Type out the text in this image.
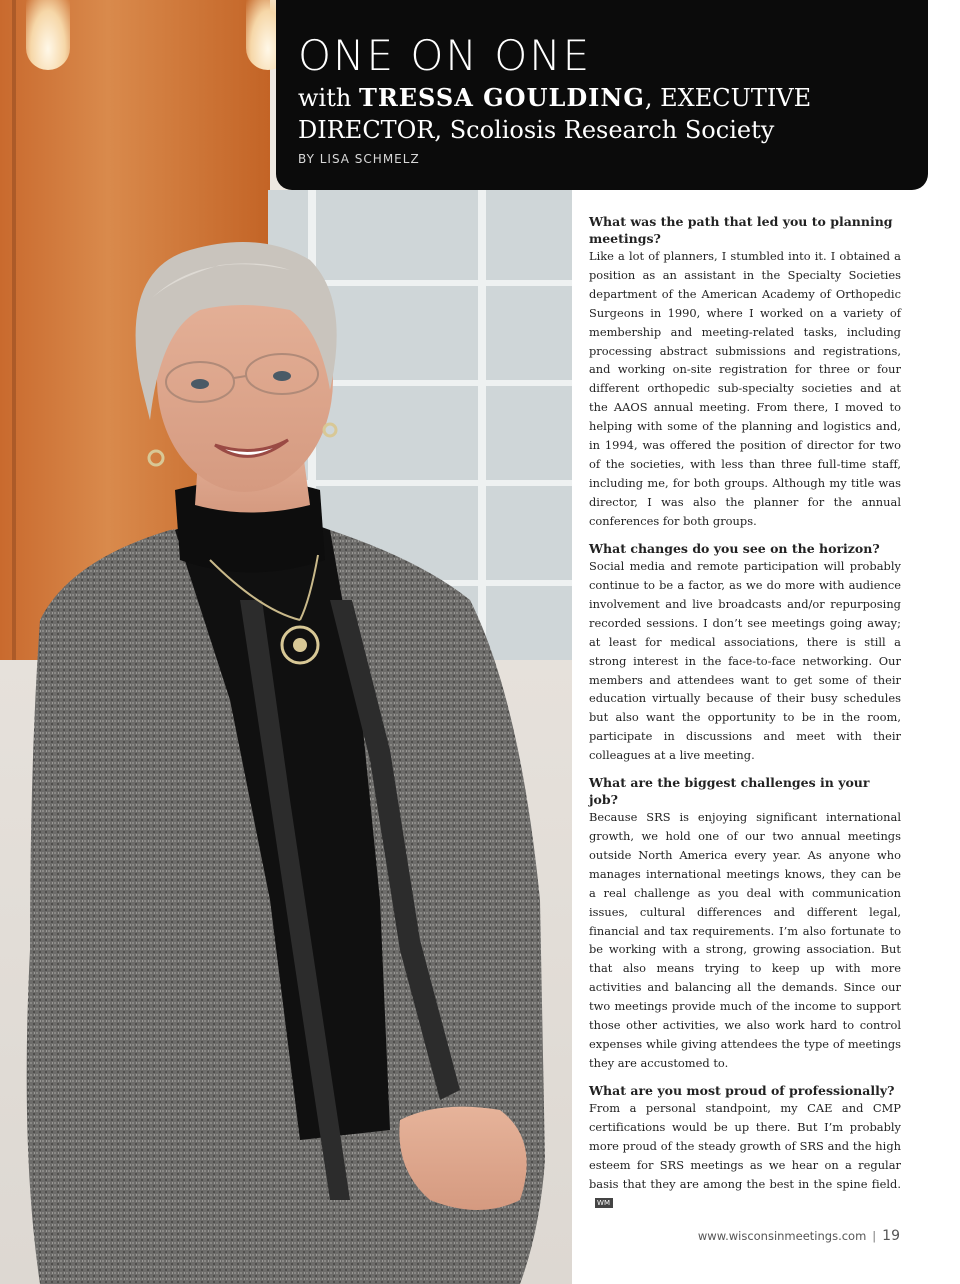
ONE ON ONE

with TRESSA GOULDING, EXECUTIVE

DIRECTOR, Scoliosis Research Society

BY LISA SCHMELZ

What was the path that led you to planning meetings?

Like a lot of planners, I stumbled into it. I obtained a position as an assistant in the Specialty Societies department of the American Academy of Orthopedic Surgeons in 1990, where I worked on a variety of membership and meeting-related tasks, including processing abstract submissions and registrations, and working on-site registration for three or four different orthopedic sub-specialty societies and at the AAOS annual meeting. From there, I moved to helping with some of the planning and logistics and, in 1994, was offered the position of director for two of the societies, with less than three full-time staff, including me, for both groups. Although my title was director, I was also the planner for the annual conferences for both groups.

What changes do you see on the horizon?

Social media and remote participation will probably continue to be a factor, as we do more with audience involvement and live broadcasts and/or repurposing recorded sessions. I don’t see meetings going away; at least for medical associations, there is still a strong interest in the face-to-face networking. Our members and attendees want to get some of their education virtually because of their busy schedules but also want the opportunity to be in the room, participate in discussions and meet with their colleagues at a live meeting.

What are the biggest challenges in your job?

Because SRS is enjoying significant international growth, we hold one of our two annual meetings outside North America every year. As anyone who manages international meetings knows, they can be a real challenge as you deal with communication issues, cultural differences and different legal, financial and tax requirements. I’m also fortunate to be working with a strong, growing association. But that also means trying to keep up with more activities and balancing all the demands. Since our two meetings provide much of the income to support those other activities, we also work hard to control expenses while giving attendees the type of meetings they are accustomed to.

What are you most proud of professionally?

From a personal standpoint, my CAE and CMP certifications would be up there. But I’m probably more proud of the steady growth of SRS and the high esteem for SRS meetings as we hear on a regular basis that they are among the best in the spine field.
WM

www.wisconsinmeetings.com | 19
